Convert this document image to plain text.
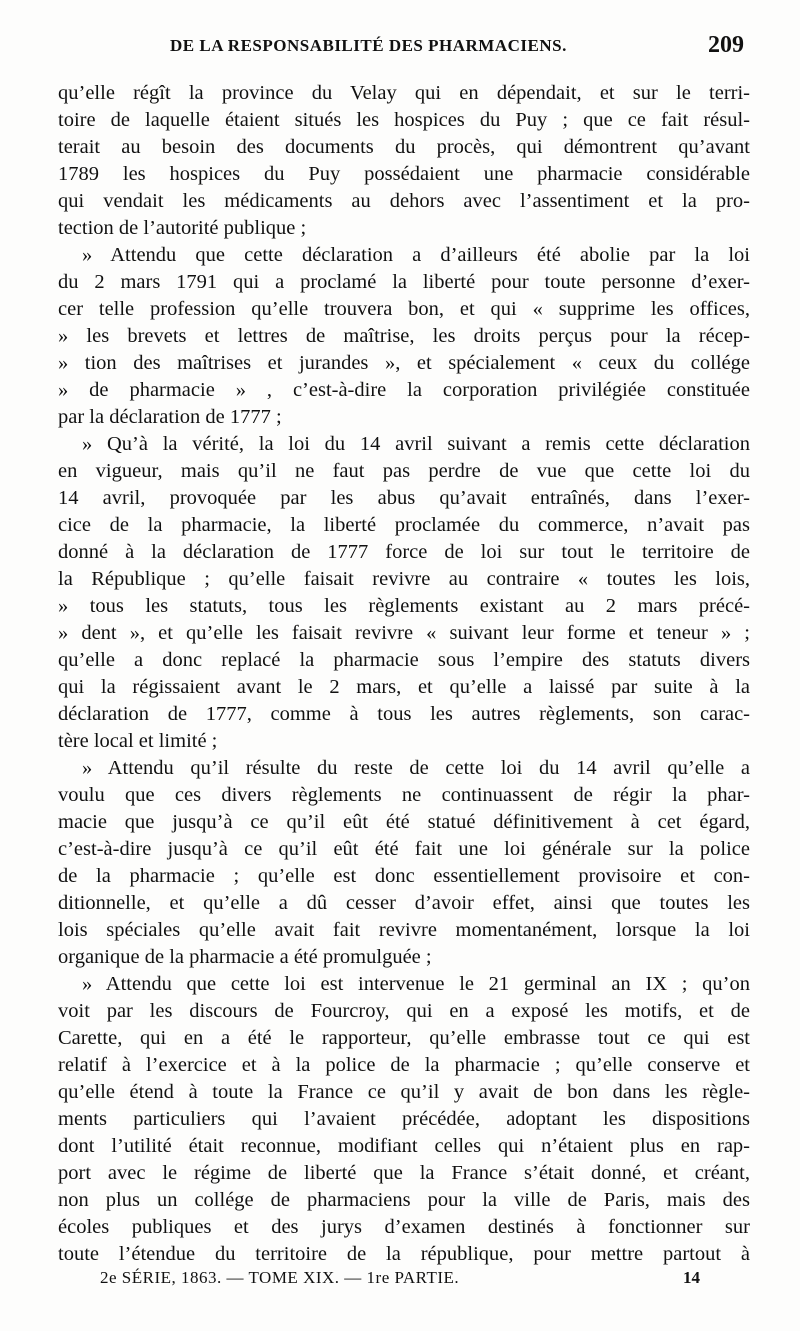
DE LA RESPONSABILITÉ DES PHARMACIENS.	209
qu’elle régît la province du Velay qui en dépendait, et sur le terri-
toire de laquelle étaient situés les hospices du Puy ; que ce fait résul-
terait au besoin des documents du procès, qui démontrent qu’avant
1789 les hospices du Puy possédaient une pharmacie considérable
qui vendait les médicaments au dehors avec l’assentiment et la pro-
tection de l’autorité publique ;
» Attendu que cette déclaration a d’ailleurs été abolie par la loi
du 2 mars 1791 qui a proclamé la liberté pour toute personne d’exer-
cer telle profession qu’elle trouvera bon, et qui « supprime les offices,
» les brevets et lettres de maîtrise, les droits perçus pour la récep-
» tion des maîtrises et jurandes », et spécialement « ceux du collége
» de pharmacie » , c’est-à-dire la corporation privilégiée constituée
par la déclaration de 1777 ;
» Qu’à la vérité, la loi du 14 avril suivant a remis cette déclaration
en vigueur, mais qu’il ne faut pas perdre de vue que cette loi du
14 avril, provoquée par les abus qu’avait entraînés, dans l’exer-
cice de la pharmacie, la liberté proclamée du commerce, n’avait pas
donné à la déclaration de 1777 force de loi sur tout le territoire de
la République ; qu’elle faisait revivre au contraire « toutes les lois,
» tous les statuts, tous les règlements existant au 2 mars précé-
» dent », et qu’elle les faisait revivre « suivant leur forme et teneur » ;
qu’elle a donc replacé la pharmacie sous l’empire des statuts divers
qui la régissaient avant le 2 mars, et qu’elle a laissé par suite à la
déclaration de 1777, comme à tous les autres règlements, son carac-
tère local et limité ;
» Attendu qu’il résulte du reste de cette loi du 14 avril qu’elle a
voulu que ces divers règlements ne continuassent de régir la phar-
macie que jusqu’à ce qu’il eût été statué définitivement à cet égard,
c’est-à-dire jusqu’à ce qu’il eût été fait une loi générale sur la police
de la pharmacie ; qu’elle est donc essentiellement provisoire et con-
ditionnelle, et qu’elle a dû cesser d’avoir effet, ainsi que toutes les
lois spéciales qu’elle avait fait revivre momentanément, lorsque la loi
organique de la pharmacie a été promulguée ;
» Attendu que cette loi est intervenue le 21 germinal an IX ; qu’on
voit par les discours de Fourcroy, qui en a exposé les motifs, et de
Carette, qui en a été le rapporteur, qu’elle embrasse tout ce qui est
relatif à l’exercice et à la police de la pharmacie ; qu’elle conserve et
qu’elle étend à toute la France ce qu’il y avait de bon dans les règle-
ments particuliers qui l’avaient précédée, adoptant les dispositions
dont l’utilité était reconnue, modifiant celles qui n’étaient plus en rap-
port avec le régime de liberté que la France s’était donné, et créant,
non plus un collége de pharmaciens pour la ville de Paris, mais des
écoles publiques et des jurys d’examen destinés à fonctionner sur
toute l’étendue du territoire de la république, pour mettre partout à
2e SÉRIE, 1863. — TOME XIX. — 1re PARTIE.	14
